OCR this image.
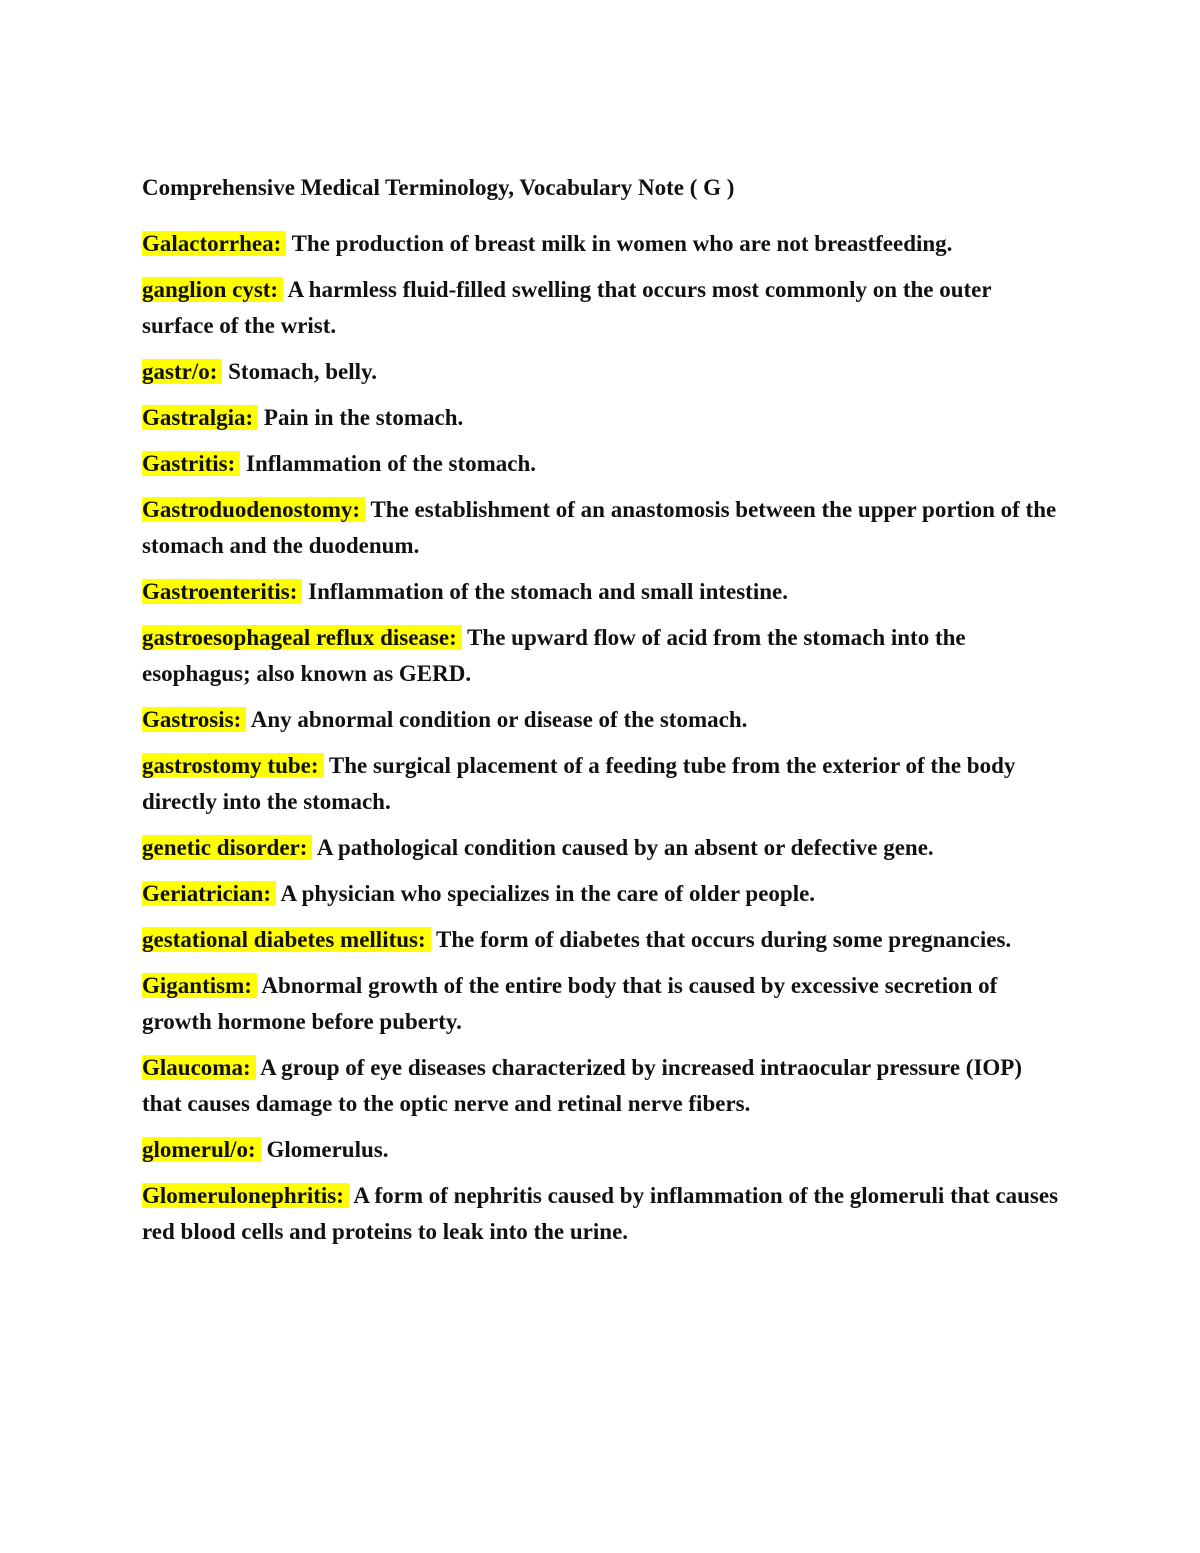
Comprehensive Medical Terminology, Vocabulary Note ( G )

Galactorrhea: The production of breast milk in women who are not breastfeeding.

ganglion cyst: A harmless fluid-filled swelling that occurs most commonly on the outer surface of the wrist.

gastr/o: Stomach, belly.

Gastralgia: Pain in the stomach.

Gastritis: Inflammation of the stomach.

Gastroduodenostomy: The establishment of an anastomosis between the upper portion of the stomach and the duodenum.

Gastroenteritis: Inflammation of the stomach and small intestine.

gastroesophageal reflux disease: The upward flow of acid from the stomach into the esophagus; also known as GERD.

Gastrosis: Any abnormal condition or disease of the stomach.

gastrostomy tube: The surgical placement of a feeding tube from the exterior of the body directly into the stomach.

genetic disorder: A pathological condition caused by an absent or defective gene.

Geriatrician: A physician who specializes in the care of older people.

gestational diabetes mellitus: The form of diabetes that occurs during some pregnancies.

Gigantism: Abnormal growth of the entire body that is caused by excessive secretion of growth hormone before puberty.

Glaucoma: A group of eye diseases characterized by increased intraocular pressure (IOP) that causes damage to the optic nerve and retinal nerve fibers.

glomerul/o: Glomerulus.

Glomerulonephritis: A form of nephritis caused by inflammation of the glomeruli that causes red blood cells and proteins to leak into the urine.
